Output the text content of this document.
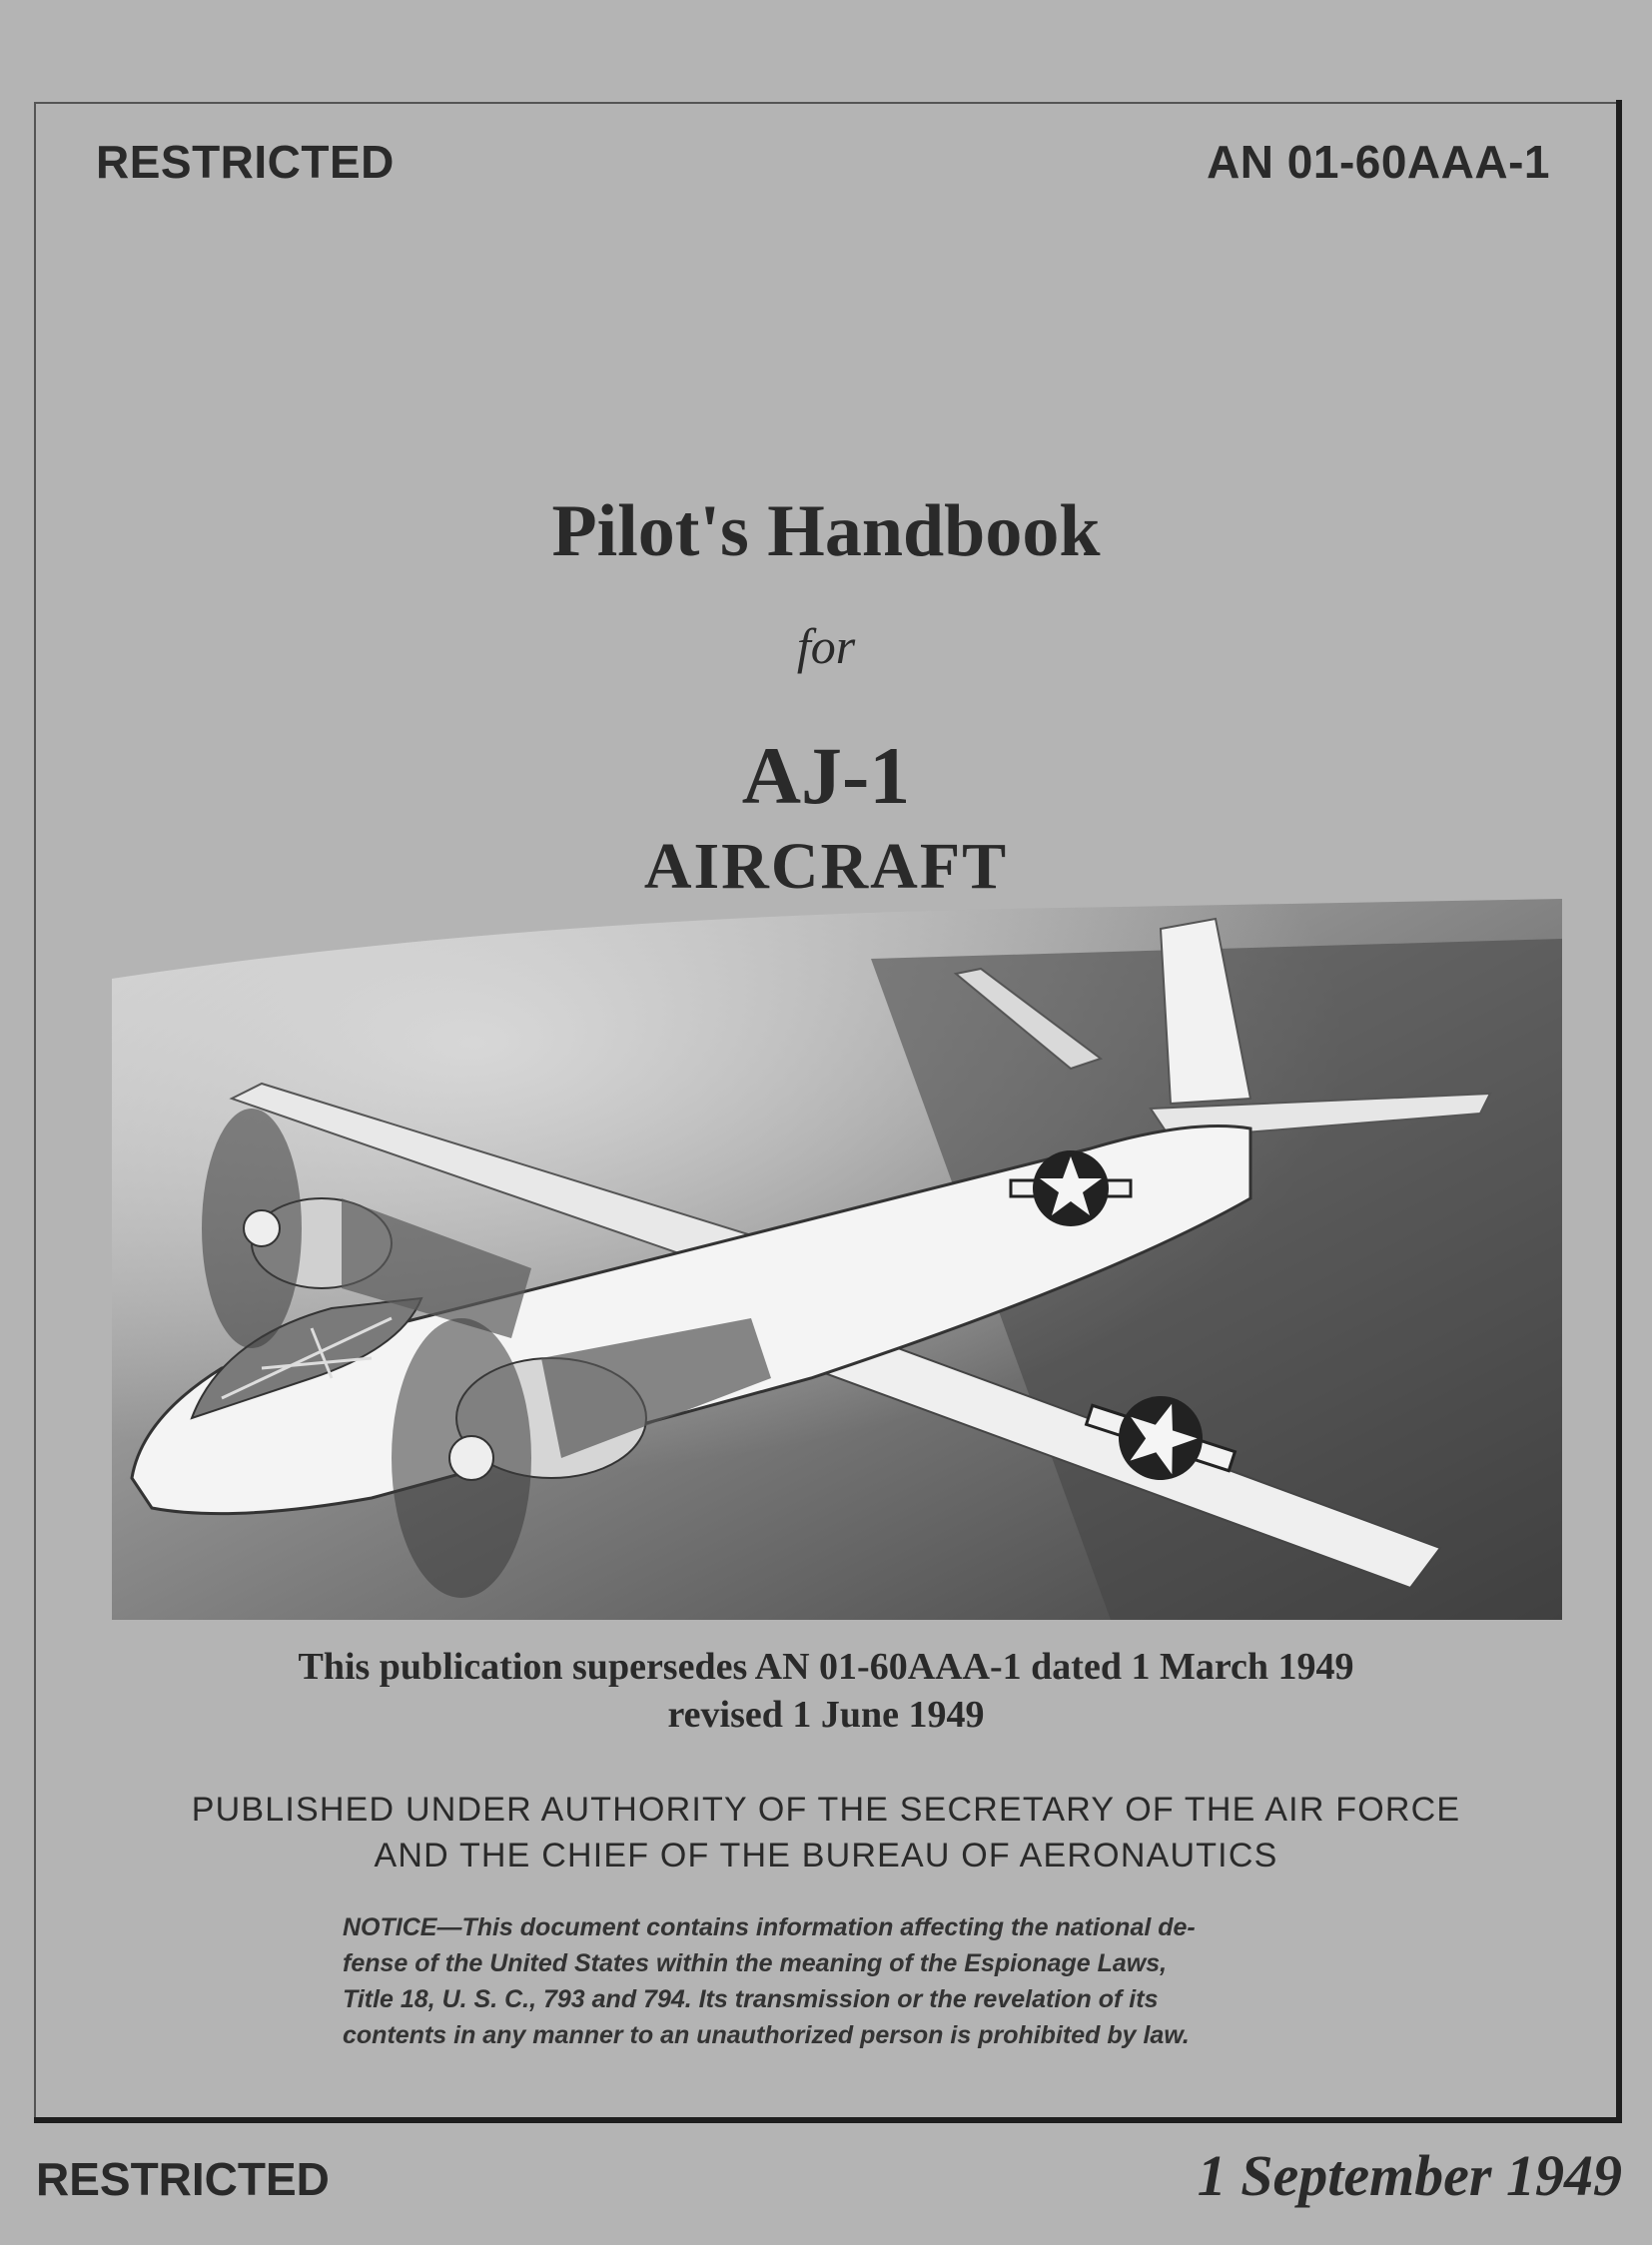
RESTRICTED	AN 01-60AAA-1
Pilot's Handbook
for
AJ-1
AIRCRAFT
This publication supersedes AN 01-60AAA-1 dated 1 March 1949
revised 1 June 1949
PUBLISHED UNDER AUTHORITY OF THE SECRETARY OF THE AIR FORCE
AND THE CHIEF OF THE BUREAU OF AERONAUTICS
NOTICE—This document contains information affecting the national de-
fense of the United States within the meaning of the Espionage Laws,
Title 18, U. S. C., 793 and 794. Its transmission or the revelation of its
contents in any manner to an unauthorized person is prohibited by law.
RESTRICTED	1 September 1949
